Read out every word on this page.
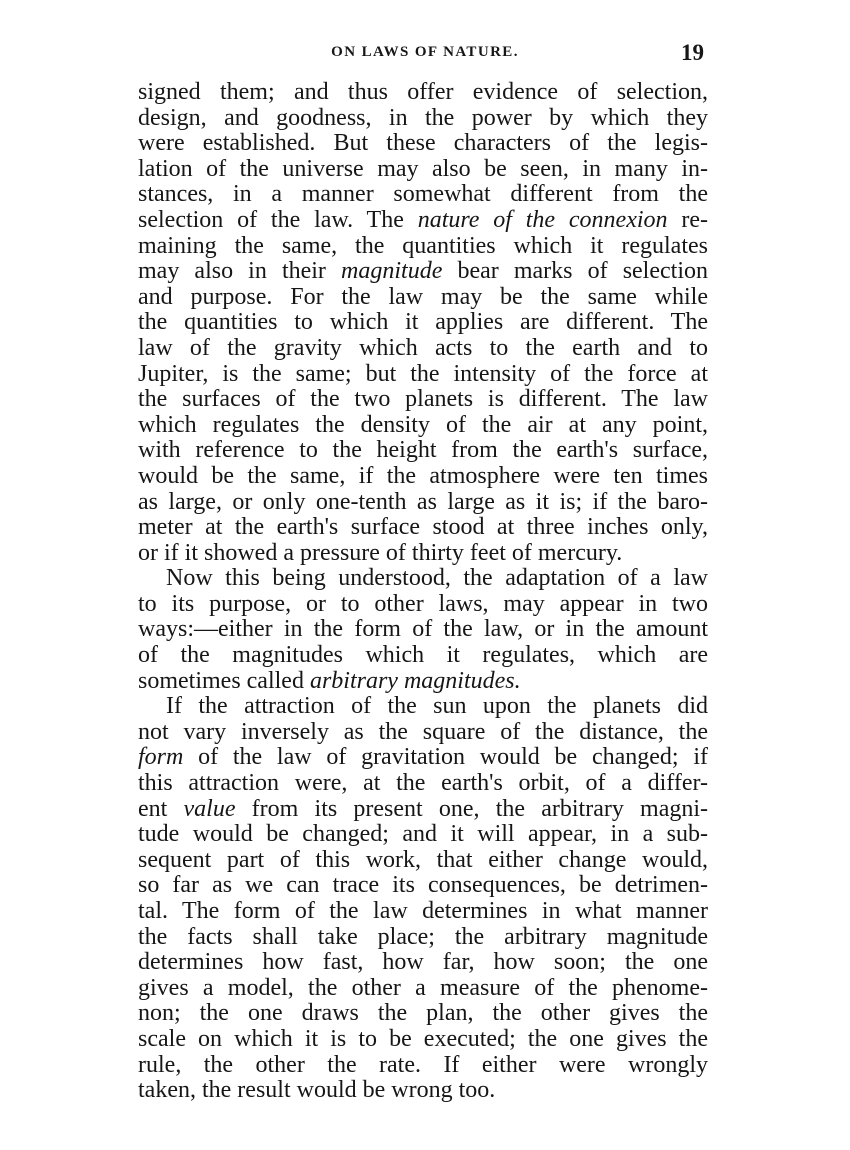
ON LAWS OF NATURE.	19
signed them; and thus offer evidence of selection,
design, and goodness, in the power by which they
were established. But these characters of the legis-
lation of the universe may also be seen, in many in-
stances, in a manner somewhat different from the
selection of the law. The nature of the connexion re-
maining the same, the quantities which it regulates
may also in their magnitude bear marks of selection
and purpose. For the law may be the same while
the quantities to which it applies are different. The
law of the gravity which acts to the earth and to
Jupiter, is the same; but the intensity of the force at
the surfaces of the two planets is different. The law
which regulates the density of the air at any point,
with reference to the height from the earth's surface,
would be the same, if the atmosphere were ten times
as large, or only one-tenth as large as it is; if the baro-
meter at the earth's surface stood at three inches only,
or if it showed a pressure of thirty feet of mercury.
Now this being understood, the adaptation of a law
to its purpose, or to other laws, may appear in two
ways:—either in the form of the law, or in the amount
of the magnitudes which it regulates, which are
sometimes called arbitrary magnitudes.
If the attraction of the sun upon the planets did
not vary inversely as the square of the distance, the
form of the law of gravitation would be changed; if
this attraction were, at the earth's orbit, of a differ-
ent value from its present one, the arbitrary magni-
tude would be changed; and it will appear, in a sub-
sequent part of this work, that either change would,
so far as we can trace its consequences, be detrimen-
tal. The form of the law determines in what manner
the facts shall take place; the arbitrary magnitude
determines how fast, how far, how soon; the one
gives a model, the other a measure of the phenome-
non; the one draws the plan, the other gives the
scale on which it is to be executed; the one gives the
rule, the other the rate. If either were wrongly
taken, the result would be wrong too.
